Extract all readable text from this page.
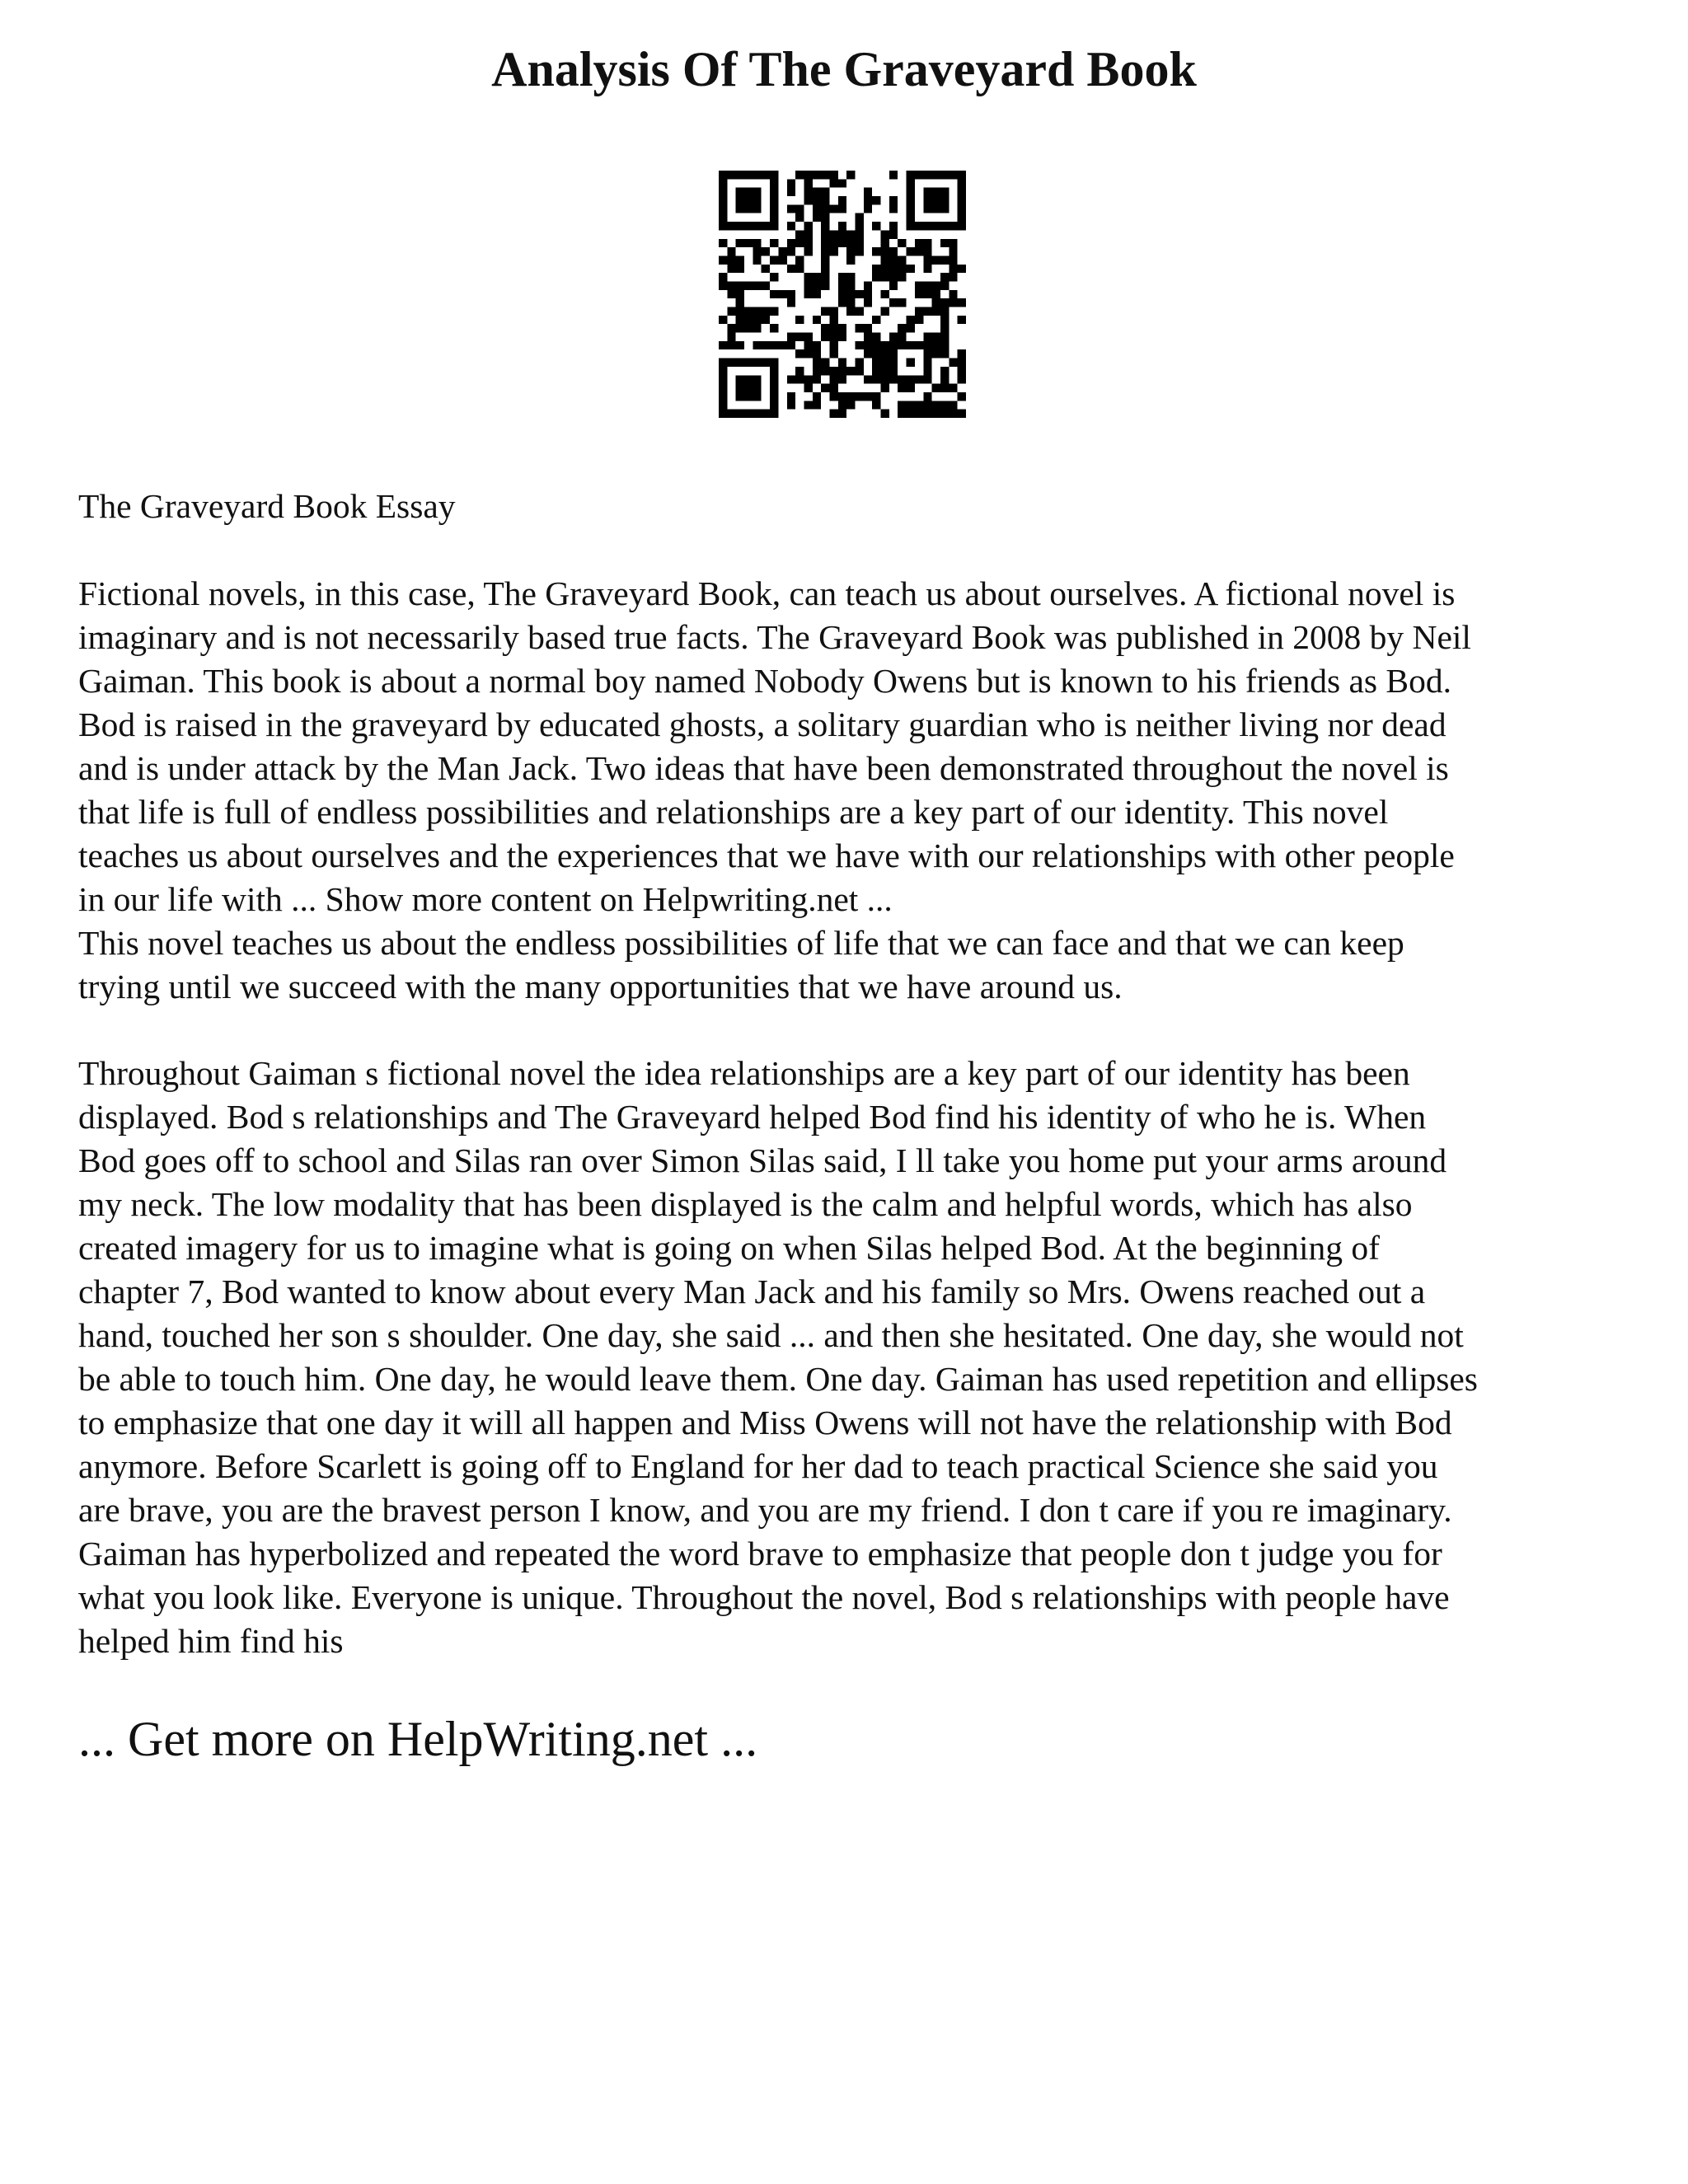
Analysis Of The Graveyard Book

The Graveyard Book Essay

Fictional novels, in this case, The Graveyard Book, can teach us about ourselves. A fictional novel is
imaginary and is not necessarily based true facts. The Graveyard Book was published in 2008 by Neil
Gaiman. This book is about a normal boy named Nobody Owens but is known to his friends as Bod.
Bod is raised in the graveyard by educated ghosts, a solitary guardian who is neither living nor dead
and is under attack by the Man Jack. Two ideas that have been demonstrated throughout the novel is
that life is full of endless possibilities and relationships are a key part of our identity. This novel
teaches us about ourselves and the experiences that we have with our relationships with other people
in our life with ... Show more content on Helpwriting.net ...
This novel teaches us about the endless possibilities of life that we can face and that we can keep
trying until we succeed with the many opportunities that we have around us.
Throughout Gaiman s fictional novel the idea relationships are a key part of our identity has been
displayed. Bod s relationships and The Graveyard helped Bod find his identity of who he is. When
Bod goes off to school and Silas ran over Simon Silas said, I ll take you home put your arms around
my neck. The low modality that has been displayed is the calm and helpful words, which has also
created imagery for us to imagine what is going on when Silas helped Bod. At the beginning of
chapter 7, Bod wanted to know about every Man Jack and his family so Mrs. Owens reached out a
hand, touched her son s shoulder. One day, she said ... and then she hesitated. One day, she would not
be able to touch him. One day, he would leave them. One day. Gaiman has used repetition and ellipses
to emphasize that one day it will all happen and Miss Owens will not have the relationship with Bod
anymore. Before Scarlett is going off to England for her dad to teach practical Science she said you
are brave, you are the bravest person I know, and you are my friend. I don t care if you re imaginary.
Gaiman has hyperbolized and repeated the word brave to emphasize that people don t judge you for
what you look like. Everyone is unique. Throughout the novel, Bod s relationships with people have
helped him find his

... Get more on HelpWriting.net ...
